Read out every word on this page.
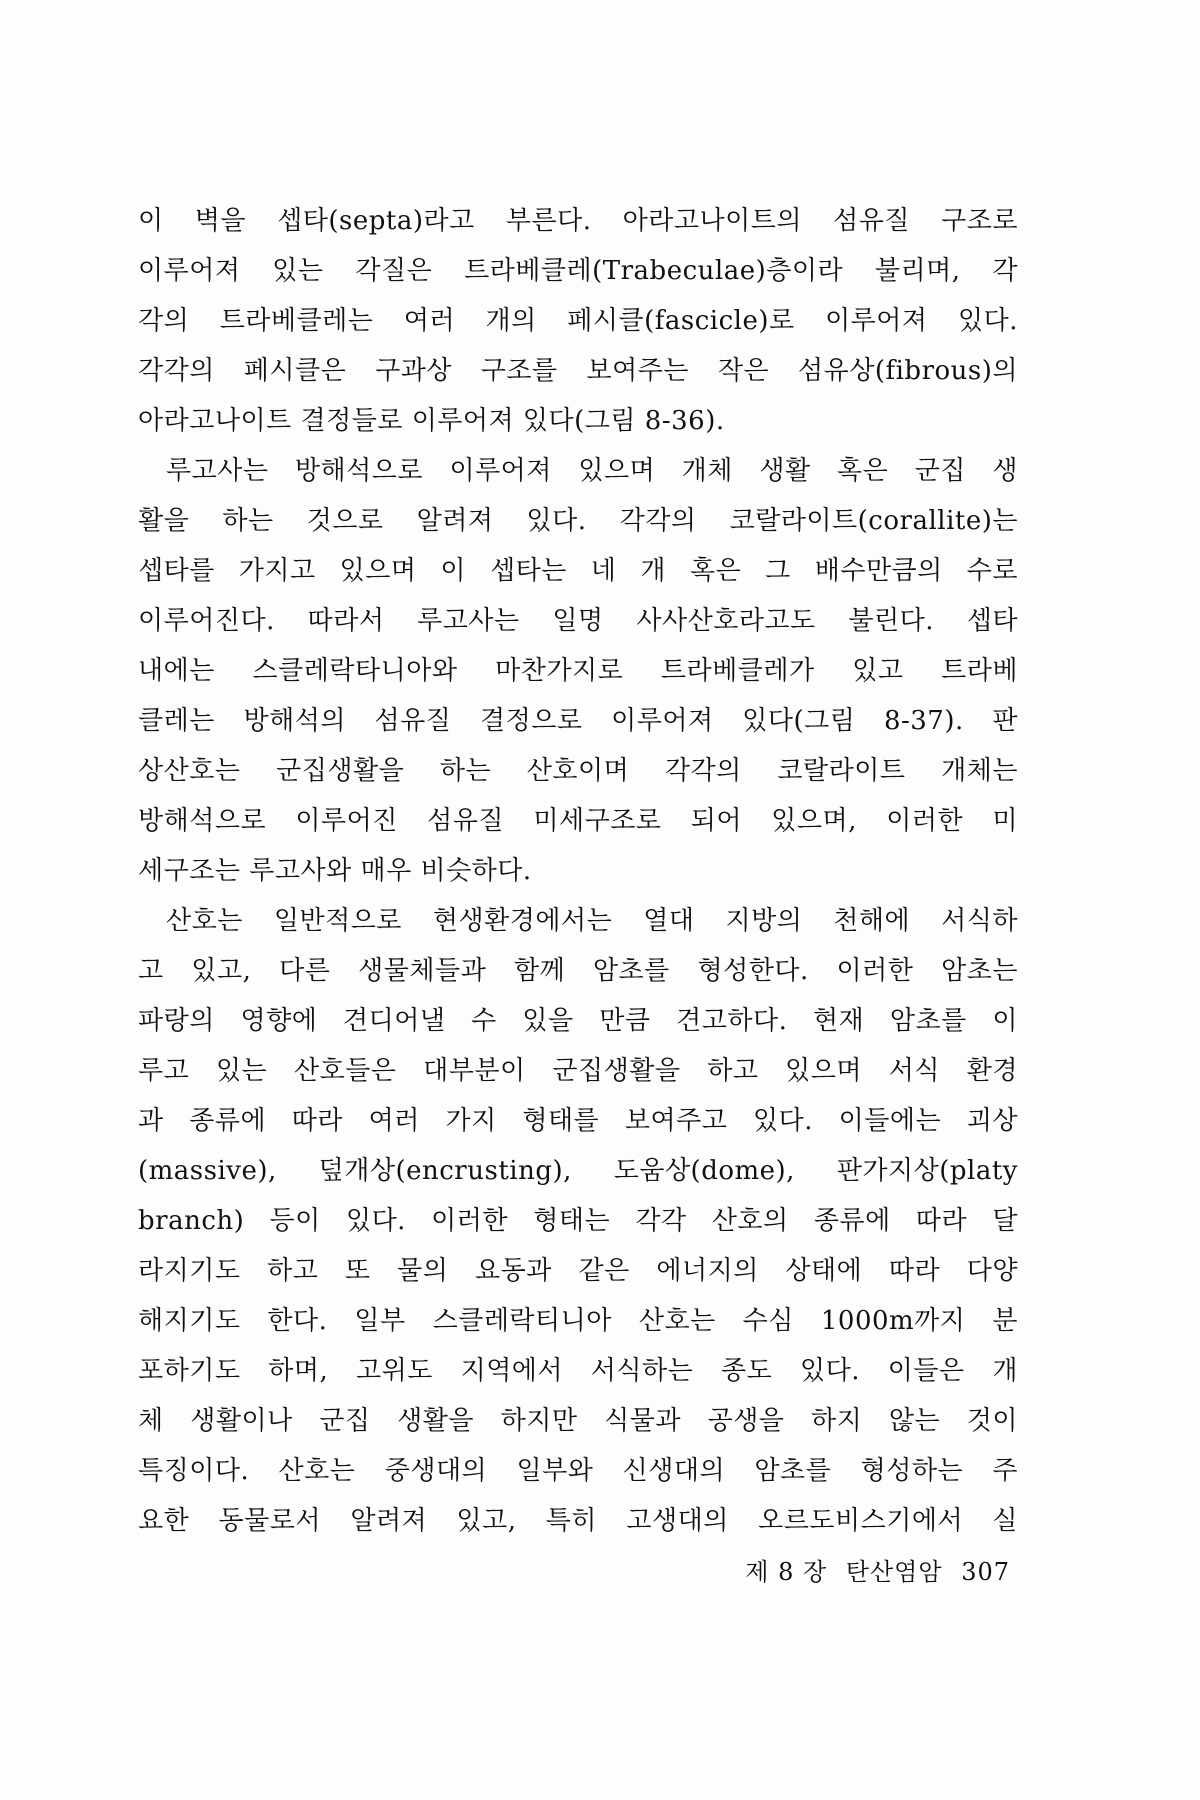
이 벽을 셉타(septa)라고 부른다. 아라고나이트의 섬유질 구조로
이루어져 있는 각질은 트라베클레(Trabeculae)층이라 불리며, 각
각의 트라베클레는 여러 개의 페시클(fascicle)로 이루어져 있다.
각각의 페시클은 구과상 구조를 보여주는 작은 섬유상(fibrous)의
아라고나이트 결정들로 이루어져 있다(그림 8-36).
루고사는 방해석으로 이루어져 있으며 개체 생활 혹은 군집 생
활을 하는 것으로 알려져 있다. 각각의 코랄라이트(corallite)는
셉타를 가지고 있으며 이 셉타는 네 개 혹은 그 배수만큼의 수로
이루어진다. 따라서 루고사는 일명 사사산호라고도 불린다. 셉타
내에는 스클레락타니아와 마찬가지로 트라베클레가 있고 트라베
클레는 방해석의 섬유질 결정으로 이루어져 있다(그림 8-37). 판
상산호는 군집생활을 하는 산호이며 각각의 코랄라이트 개체는
방해석으로 이루어진 섬유질 미세구조로 되어 있으며, 이러한 미
세구조는 루고사와 매우 비슷하다.
산호는 일반적으로 현생환경에서는 열대 지방의 천해에 서식하
고 있고, 다른 생물체들과 함께 암초를 형성한다. 이러한 암초는
파랑의 영향에 견디어낼 수 있을 만큼 견고하다. 현재 암초를 이
루고 있는 산호들은 대부분이 군집생활을 하고 있으며 서식 환경
과 종류에 따라 여러 가지 형태를 보여주고 있다. 이들에는 괴상
(massive), 덮개상(encrusting), 도움상(dome), 판가지상(platy
branch) 등이 있다. 이러한 형태는 각각 산호의 종류에 따라 달
라지기도 하고 또 물의 요동과 같은 에너지의 상태에 따라 다양
해지기도 한다. 일부 스클레락티니아 산호는 수심 1000m까지 분
포하기도 하며, 고위도 지역에서 서식하는 종도 있다. 이들은 개
체 생활이나 군집 생활을 하지만 식물과 공생을 하지 않는 것이
특징이다. 산호는 중생대의 일부와 신생대의 암초를 형성하는 주
요한 동물로서 알려져 있고, 특히 고생대의 오르도비스기에서 실
제 8 장 탄산염암 307
